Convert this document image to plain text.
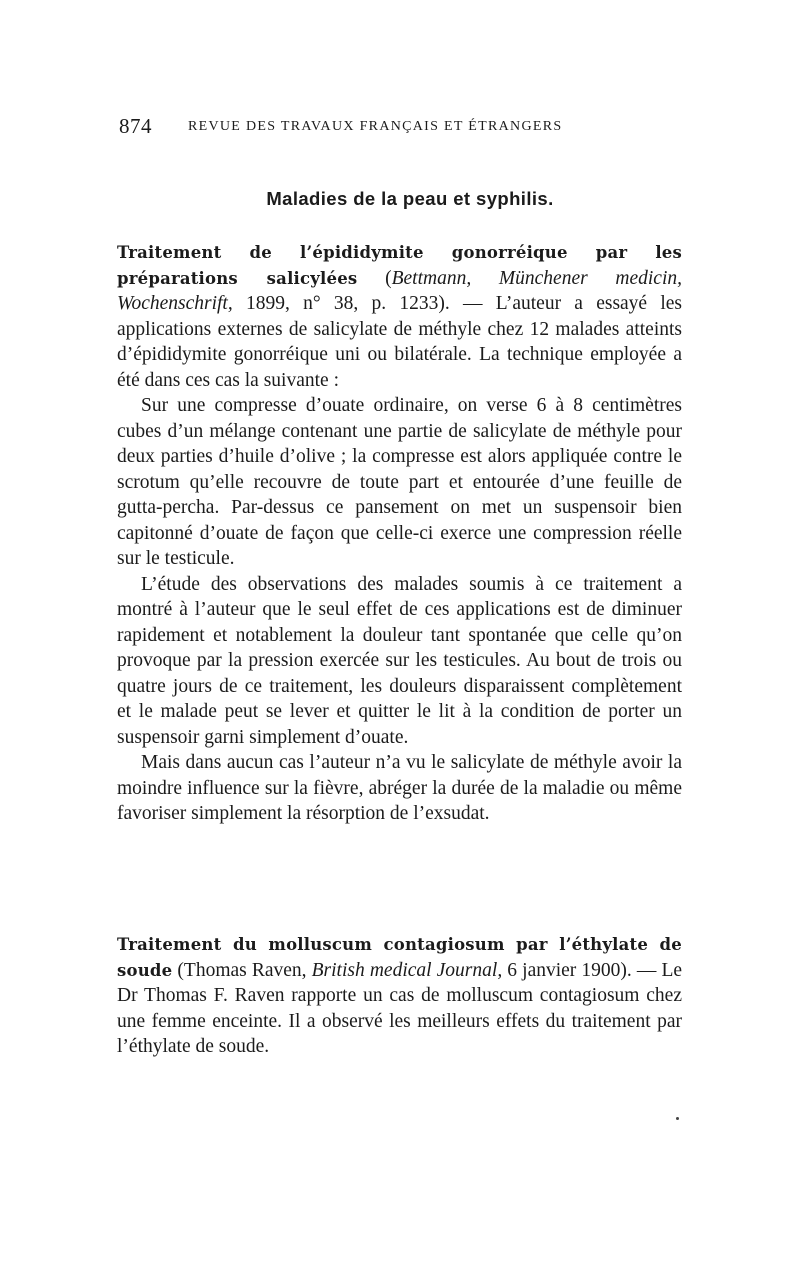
874	REVUE DES TRAVAUX FRANÇAIS ET ÉTRANGERS
Maladies de la peau et syphilis.

Traitement de l’épididymite gonorréique par les préparations salicylées (Bettmann, Münchener medicin, Wochenschrift, 1899, n° 38, p. 1233). — L’auteur a essayé les applications externes de salicylate de méthyle chez 12 malades atteints d’épididymite gonorréique uni ou bilatérale. La technique employée a été dans ces cas la suivante :

Sur une compresse d’ouate ordinaire, on verse 6 à 8 centimètres cubes d’un mélange contenant une partie de salicylate de méthyle pour deux parties d’huile d’olive ; la compresse est alors appliquée contre le scrotum qu’elle recouvre de toute part et entourée d’une feuille de gutta-percha. Par-dessus ce pansement on met un suspensoir bien capitonné d’ouate de façon que celle-ci exerce une compression réelle sur le testicule.

L’étude des observations des malades soumis à ce traitement a montré à l’auteur que le seul effet de ces applications est de diminuer rapidement et notablement la douleur tant spontanée que celle qu’on provoque par la pression exercée sur les testicules. Au bout de trois ou quatre jours de ce traitement, les douleurs disparaissent complètement et le malade peut se lever et quitter le lit à la condition de porter un suspensoir garni simplement d’ouate.

Mais dans aucun cas l’auteur n’a vu le salicylate de méthyle avoir la moindre influence sur la fièvre, abréger la durée de la maladie ou même favoriser simplement la résorption de l’exsudat.

Traitement du molluscum contagiosum par l’éthylate de soude (Thomas Raven, British medical Journal, 6 janvier 1900). — Le Dr Thomas F. Raven rapporte un cas de molluscum contagiosum chez une femme enceinte. Il a observé les meilleurs effets du traitement par l’éthylate de soude.
